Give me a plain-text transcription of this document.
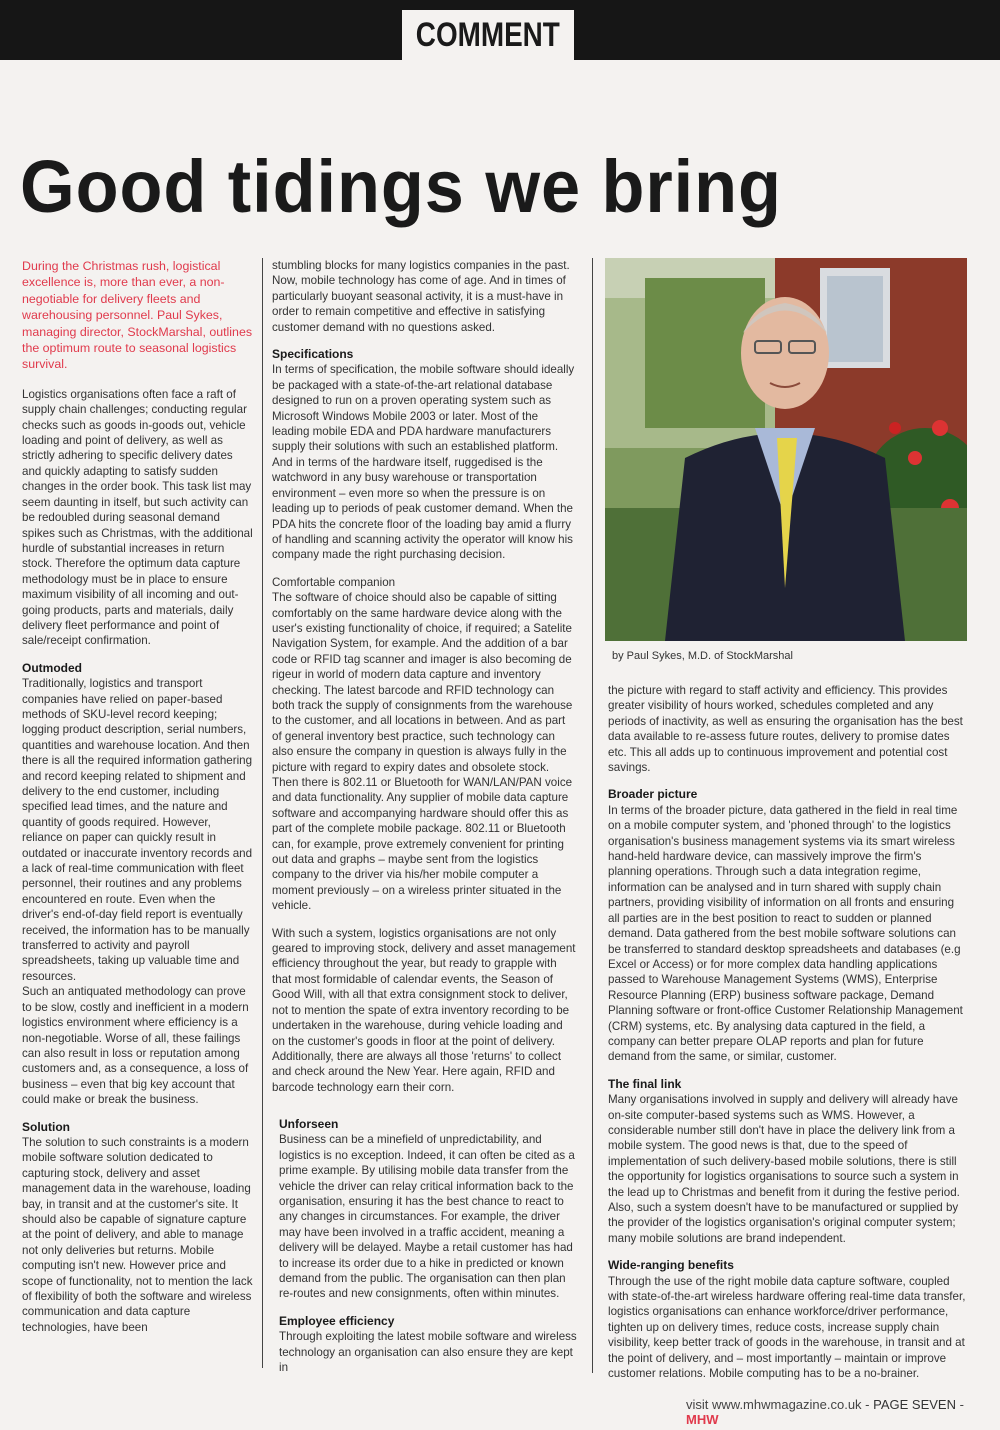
COMMENT
Good tidings we bring

During the Christmas rush, logistical excellence is, more than ever, a non-negotiable for delivery fleets and warehousing personnel. Paul Sykes, managing director, StockMarshal, outlines the optimum route to seasonal logistics survival.

Logistics organisations often face a raft of supply chain challenges; conducting regular checks such as goods in-goods out, vehicle loading and point of delivery, as well as strictly adhering to specific delivery dates and quickly adapting to satisfy sudden changes in the order book. This task list may seem daunting in itself, but such activity can be redoubled during seasonal demand spikes such as Christmas, with the additional hurdle of substantial increases in return stock. Therefore the optimum data capture methodology must be in place to ensure maximum visibility of all incoming and out-going products, parts and materials, daily delivery fleet performance and point of sale/receipt confirmation.

Outmoded

Traditionally, logistics and transport companies have relied on paper-based methods of SKU-level record keeping; logging product description, serial numbers, quantities and warehouse location. And then there is all the required information gathering and record keeping related to shipment and delivery to the end customer, including specified lead times, and the nature and quantity of goods required. However, reliance on paper can quickly result in outdated or inaccurate inventory records and a lack of real-time communication with fleet personnel, their routines and any problems encountered en route. Even when the driver's end-of-day field report is eventually received, the information has to be manually transferred to activity and payroll spreadsheets, taking up valuable time and resources.

Such an antiquated methodology can prove to be slow, costly and inefficient in a modern logistics environment where efficiency is a non-negotiable. Worse of all, these failings can also result in loss or reputation among customers and, as a consequence, a loss of business – even that big key account that could make or break the business.

Solution

The solution to such constraints is a modern mobile software solution dedicated to capturing stock, delivery and asset management data in the warehouse, loading bay, in transit and at the customer's site. It should also be capable of signature capture at the point of delivery, and able to manage not only deliveries but returns. Mobile computing isn't new. However price and scope of functionality, not to mention the lack of flexibility of both the software and wireless communication and data capture technologies, have been

stumbling blocks for many logistics companies in the past. Now, mobile technology has come of age. And in times of particularly buoyant seasonal activity, it is a must-have in order to remain competitive and effective in satisfying customer demand with no questions asked.

Specifications

In terms of specification, the mobile software should ideally be packaged with a state-of-the-art relational database designed to run on a proven operating system such as Microsoft Windows Mobile 2003 or later. Most of the leading mobile EDA and PDA hardware manufacturers supply their solutions with such an established platform. And in terms of the hardware itself, ruggedised is the watchword in any busy warehouse or transportation environment – even more so when the pressure is on leading up to periods of peak customer demand. When the PDA hits the concrete floor of the loading bay amid a flurry of handling and scanning activity the operator will know his company made the right purchasing decision.

Comfortable companion

The software of choice should also be capable of sitting comfortably on the same hardware device along with the user's existing functionality of choice, if required; a Satelite Navigation System, for example. And the addition of a bar code or RFID tag scanner and imager is also becoming de rigeur in world of modern data capture and inventory checking. The latest barcode and RFID technology can both track the supply of consignments from the warehouse to the customer, and all locations in between. And as part of general inventory best practice, such technology can also ensure the company in question is always fully in the picture with regard to expiry dates and obsolete stock. Then there is 802.11 or Bluetooth for WAN/LAN/PAN voice and data functionality. Any supplier of mobile data capture software and accompanying hardware should offer this as part of the complete mobile package. 802.11 or Bluetooth can, for example, prove extremely convenient for printing out data and graphs – maybe sent from the logistics company to the driver via his/her mobile computer a moment previously – on a wireless printer situated in the vehicle.

With such a system, logistics organisations are not only geared to improving stock, delivery and asset management efficiency throughout the year, but ready to grapple with that most formidable of calendar events, the Season of Good Will, with all that extra consignment stock to deliver, not to mention the spate of extra inventory recording to be undertaken in the warehouse, during vehicle loading and on the customer's goods in floor at the point of delivery. Additionally, there are always all those 'returns' to collect and check around the New Year. Here again, RFID and barcode technology earn their corn.

Unforseen

Business can be a minefield of unpredictability, and logistics is no exception. Indeed, it can often be cited as a prime example. By utilising mobile data transfer from the vehicle the driver can relay critical information back to the organisation, ensuring it has the best chance to react to any changes in circumstances. For example, the driver may have been involved in a traffic accident, meaning a delivery will be delayed. Maybe a retail customer has had to increase its order due to a hike in predicted or known demand from the public. The organisation can then plan re-routes and new consignments, often within minutes.

Employee efficiency

Through exploiting the latest mobile software and wireless technology an organisation can also ensure they are kept in

by Paul Sykes, M.D. of StockMarshal

the picture with regard to staff activity and efficiency. This provides greater visibility of hours worked, schedules completed and any periods of inactivity, as well as ensuring the organisation has the best data available to re-assess future routes, delivery to promise dates etc. This all adds up to continuous improvement and potential cost savings.

Broader picture

In terms of the broader picture, data gathered in the field in real time on a mobile computer system, and 'phoned through' to the logistics organisation's business management systems via its smart wireless hand-held hardware device, can massively improve the firm's planning operations. Through such a data integration regime, information can be analysed and in turn shared with supply chain partners, providing visibility of information on all fronts and ensuring all parties are in the best position to react to sudden or planned demand. Data gathered from the best mobile software solutions can be transferred to standard desktop spreadsheets and databases (e.g Excel or Access) or for more complex data handling applications passed to Warehouse Management Systems (WMS), Enterprise Resource Planning (ERP) business software package, Demand Planning software or front-office Customer Relationship Management (CRM) systems, etc. By analysing data captured in the field, a company can better prepare OLAP reports and plan for future demand from the same, or similar, customer.

The final link

Many organisations involved in supply and delivery will already have on-site computer-based systems such as WMS. However, a considerable number still don't have in place the delivery link from a mobile system. The good news is that, due to the speed of implementation of such delivery-based mobile solutions, there is still the opportunity for logistics organisations to source such a system in the lead up to Christmas and benefit from it during the festive period. Also, such a system doesn't have to be manufactured or supplied by the provider of the logistics organisation's original computer system; many mobile solutions are brand independent.

Wide-ranging benefits

Through the use of the right mobile data capture software, coupled with state-of-the-art wireless hardware offering real-time data transfer, logistics organisations can enhance workforce/driver performance, tighten up on delivery times, reduce costs, increase supply chain visibility, keep better track of goods in the warehouse, in transit and at the point of delivery, and – most importantly – maintain or improve customer relations. Mobile computing has to be a no-brainer.

visit www.mhwmagazine.co.uk - PAGE SEVEN - MHW
